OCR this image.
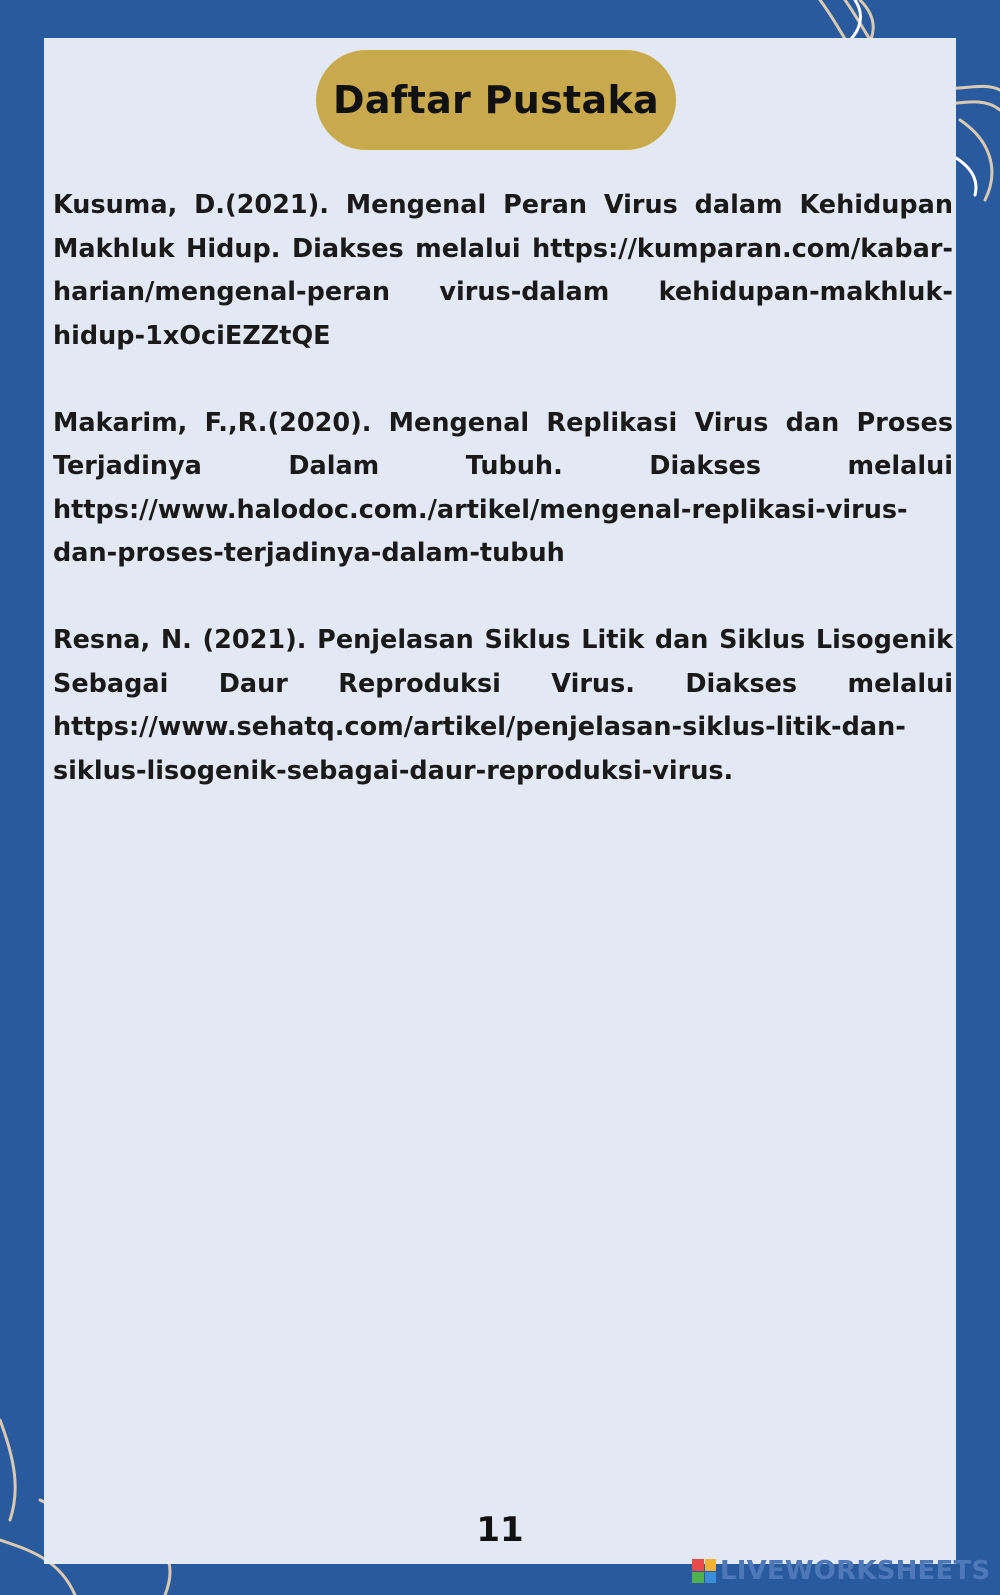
Daftar Pustaka

Kusuma, D.(2021). Mengenal Peran Virus dalam Kehidupan Makhluk Hidup. Diakses melalui https://kumparan.com/kabar-harian/mengenal-peran virus-dalam kehidupan-makhluk-hidup-1xOciEZZtQE

Makarim, F.,R.(2020). Mengenal Replikasi Virus dan Proses Terjadinya Dalam Tubuh. Diakses melalui https://www.halodoc.com./artikel/mengenal-replikasi-virus-dan-proses-terjadinya-dalam-tubuh

Resna, N. (2021). Penjelasan Siklus Litik dan Siklus Lisogenik Sebagai Daur Reproduksi Virus. Diakses melalui https://www.sehatq.com/artikel/penjelasan-siklus-litik-dan-siklus-lisogenik-sebagai-daur-reproduksi-virus.

11
LIVEWORKSHEETS
